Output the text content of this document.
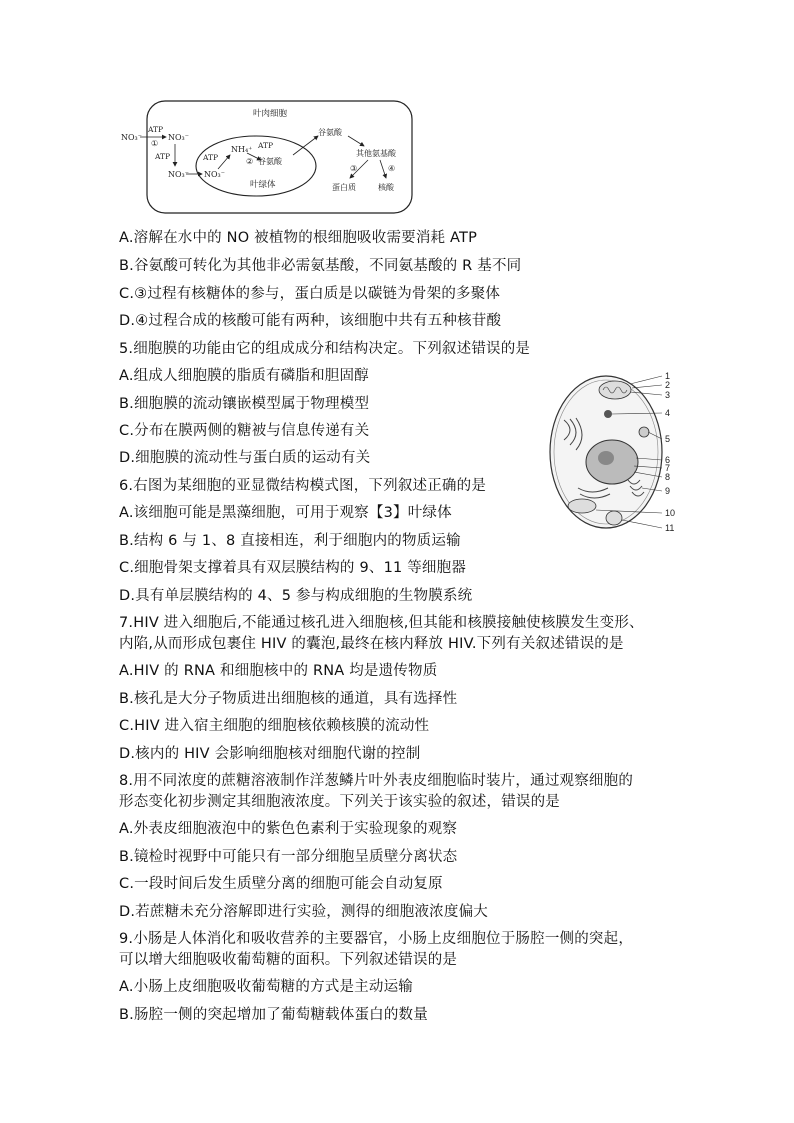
叶肉细胞
叶绿体
NO₃⁻
ATP
①
NO₃⁻
ATP
NO₃⁻ NO₃⁻
ATP
NH₄⁺ ATP
② 谷氨酸
谷氨酸
其他氨基酸
③	④
蛋白质	核酸
1
2
3
4
5
6
7
8
9
10
11
A.溶解在水中的 NO 被植物的根细胞吸收需要消耗 ATP
B.谷氨酸可转化为其他非必需氨基酸，不同氨基酸的 R 基不同
C.③过程有核糖体的参与，蛋白质是以碳链为骨架的多聚体
D.④过程合成的核酸可能有两种，该细胞中共有五种核苷酸
5.细胞膜的功能由它的组成成分和结构决定。下列叙述错误的是
A.组成人细胞膜的脂质有磷脂和胆固醇
B.细胞膜的流动镶嵌模型属于物理模型
C.分布在膜两侧的糖被与信息传递有关
D.细胞膜的流动性与蛋白质的运动有关
6.右图为某细胞的亚显微结构模式图，下列叙述正确的是
A.该细胞可能是黑藻细胞，可用于观察【3】叶绿体
B.结构 6 与 1、8 直接相连，利于细胞内的物质运输
C.细胞骨架支撑着具有双层膜结构的 9、11 等细胞器
D.具有单层膜结构的 4、5 参与构成细胞的生物膜系统
7.HIV 进入细胞后,不能通过核孔进入细胞核,但其能和核膜接触使核膜发生变形、
内陷,从而形成包裹住 HIV 的囊泡,最终在核内释放 HIV.下列有关叙述错误的是
A.HIV 的 RNA 和细胞核中的 RNA 均是遗传物质
B.核孔是大分子物质进出细胞核的通道，具有选择性
C.HIV 进入宿主细胞的细胞核依赖核膜的流动性
D.核内的 HIV 会影响细胞核对细胞代谢的控制
8.用不同浓度的蔗糖溶液制作洋葱鳞片叶外表皮细胞临时装片，通过观察细胞的
形态变化初步测定其细胞液浓度。下列关于该实验的叙述，错误的是
A.外表皮细胞液泡中的紫色色素利于实验现象的观察
B.镜检时视野中可能只有一部分细胞呈质壁分离状态
C.一段时间后发生质壁分离的细胞可能会自动复原
D.若蔗糖未充分溶解即进行实验，测得的细胞液浓度偏大
9.小肠是人体消化和吸收营养的主要器官，小肠上皮细胞位于肠腔一侧的突起，
可以增大细胞吸收葡萄糖的面积。下列叙述错误的是
A.小肠上皮细胞吸收葡萄糖的方式是主动运输
B.肠腔一侧的突起增加了葡萄糖载体蛋白的数量
